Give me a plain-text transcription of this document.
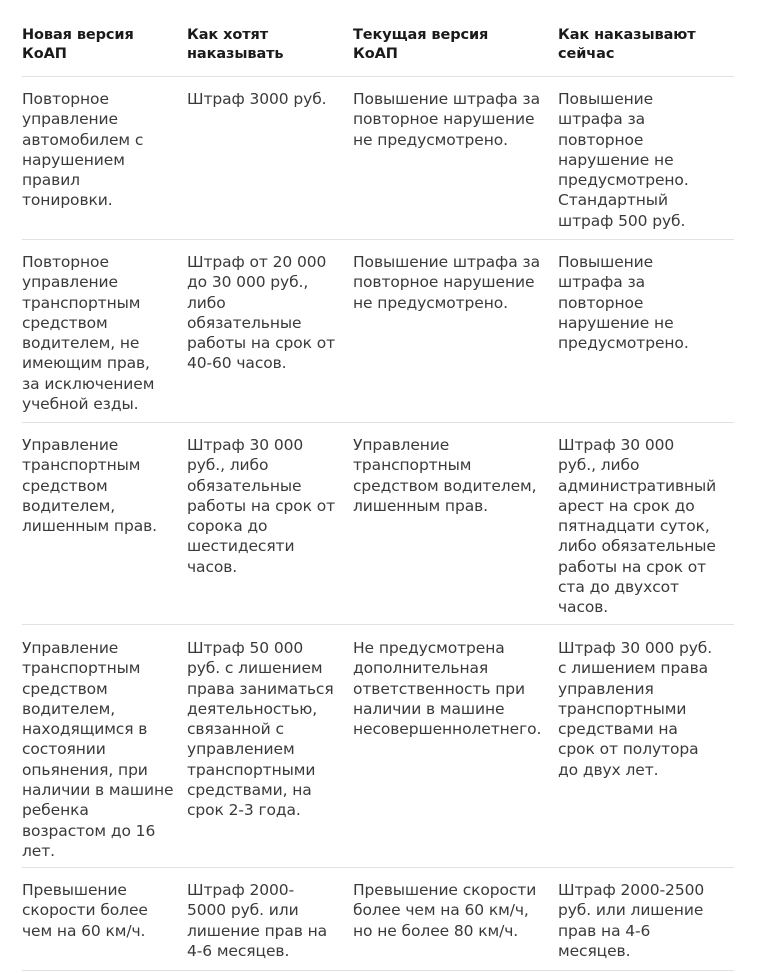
Новая версия
КоАП
Как хотят
наказывать
Текущая версия
КоАП
Как наказывают
сейчас
Повторное
управление
автомобилем с
нарушением
правил
тонировки.
Штраф 3000 руб.	Повышение штрафа за
повторное нарушение
не предусмотрено.
Повышение
штрафа за
повторное
нарушение не
предусмотрено.
Стандартный
штраф 500 руб.
Повторное
управление
транспортным
средством
водителем, не
имеющим прав,
за исключением
учебной езды.
Штраф от 20 000
до 30 000 руб.,
либо
обязательные
работы на срок от
40-60 часов.
Повышение штрафа за
повторное нарушение
не предусмотрено.
Повышение
штрафа за
повторное
нарушение не
предусмотрено.
Управление
транспортным
средством
водителем,
лишенным прав.
Штраф 30 000
руб., либо
обязательные
работы на срок от
сорока до
шестидесяти
часов.
Управление
транспортным
средством водителем,
лишенным прав.
Штраф 30 000
руб., либо
административный
арест на срок до
пятнадцати суток,
либо обязательные
работы на срок от
ста до двухсот
часов.
Управление
транспортным
средством
водителем,
находящимся в
состоянии
опьянения, при
наличии в машине
ребенка
возрастом до 16
лет.
Штраф 50 000
руб. с лишением
права заниматься
деятельностью,
связанной с
управлением
транспортными
средствами, на
срок 2-3 года.
Не предусмотрена
дополнительная
ответственность при
наличии в машине
несовершеннолетнего.
Штраф 30 000 руб.
с лишением права
управления
транспортными
средствами на
срок от полутора
до двух лет.
Превышение
скорости более
чем на 60 км/ч.
Штраф 2000-
5000 руб. или
лишение прав на
4-6 месяцев.
Превышение скорости
более чем на 60 км/ч,
но не более 80 км/ч.
Штраф 2000-2500
руб. или лишение
прав на 4-6
месяцев.
